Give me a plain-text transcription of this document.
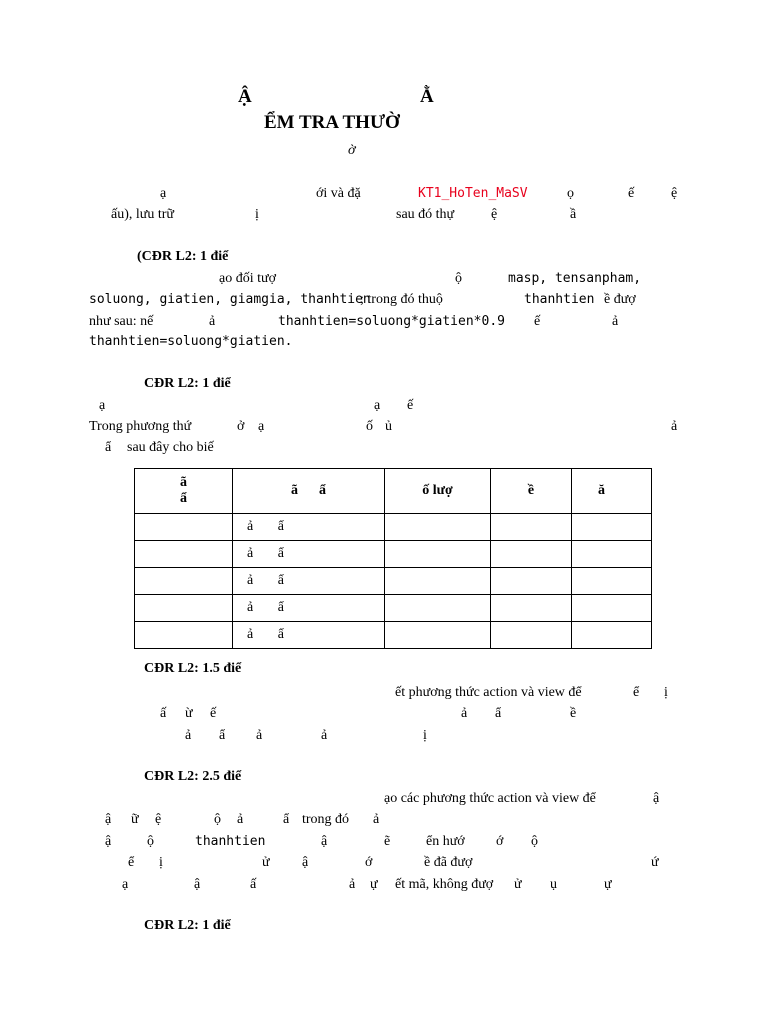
Ậ	Ằ
ỂM TRA THƯỜ
ờ
ạ	ới và đặ	KT1_HoTen_MaSV	ọ	ế	ệ
ấu), lưu trữ	ị	sau đó thự	ệ	ầ
(CĐR L2: 1 điể
ạo đối tượ	ộ	masp, tensanpham,
soluong, giatien, giamgia, thanhtien
; trong đó thuộ	thanhtien ề đượ
như sau: nế	ả	thanhtien=soluong*giatien*0.9 ế	ả
thanhtien=soluong*giatien.
CĐR L2: 1 điể
ạ	ạ ế
Trong phương thứ	ở ạ	ố ủ	ả
ẩ sau đây cho biế
ã
ẩ	ã ẩ	ố lượ	ề	ă
	ả ẩ			
	ả ẩ			
	ả ẩ			
	ả ẩ			
	ả ẩ			
CĐR L2: 1.5 điể
ết phương thức action và view để	ể ị
ấ ừ ế	ả ẩ	ề
ả ẩ ả	ả	ị
CĐR L2: 2.5 điể
ạo các phương thức action và view để	ậ
ậ ữ ệ	ộ ả	ẩ trong đó ả
ậ	ộ	thanhtien	ậ	ẽ	ển hướ ớ ộ
ể ị	ử ậ	ớ	ề đã đượ	ứ
ạ	ậ	ấ	ả ự ết mã, không đượ ử ụ	ự
CĐR L2: 1 điể
